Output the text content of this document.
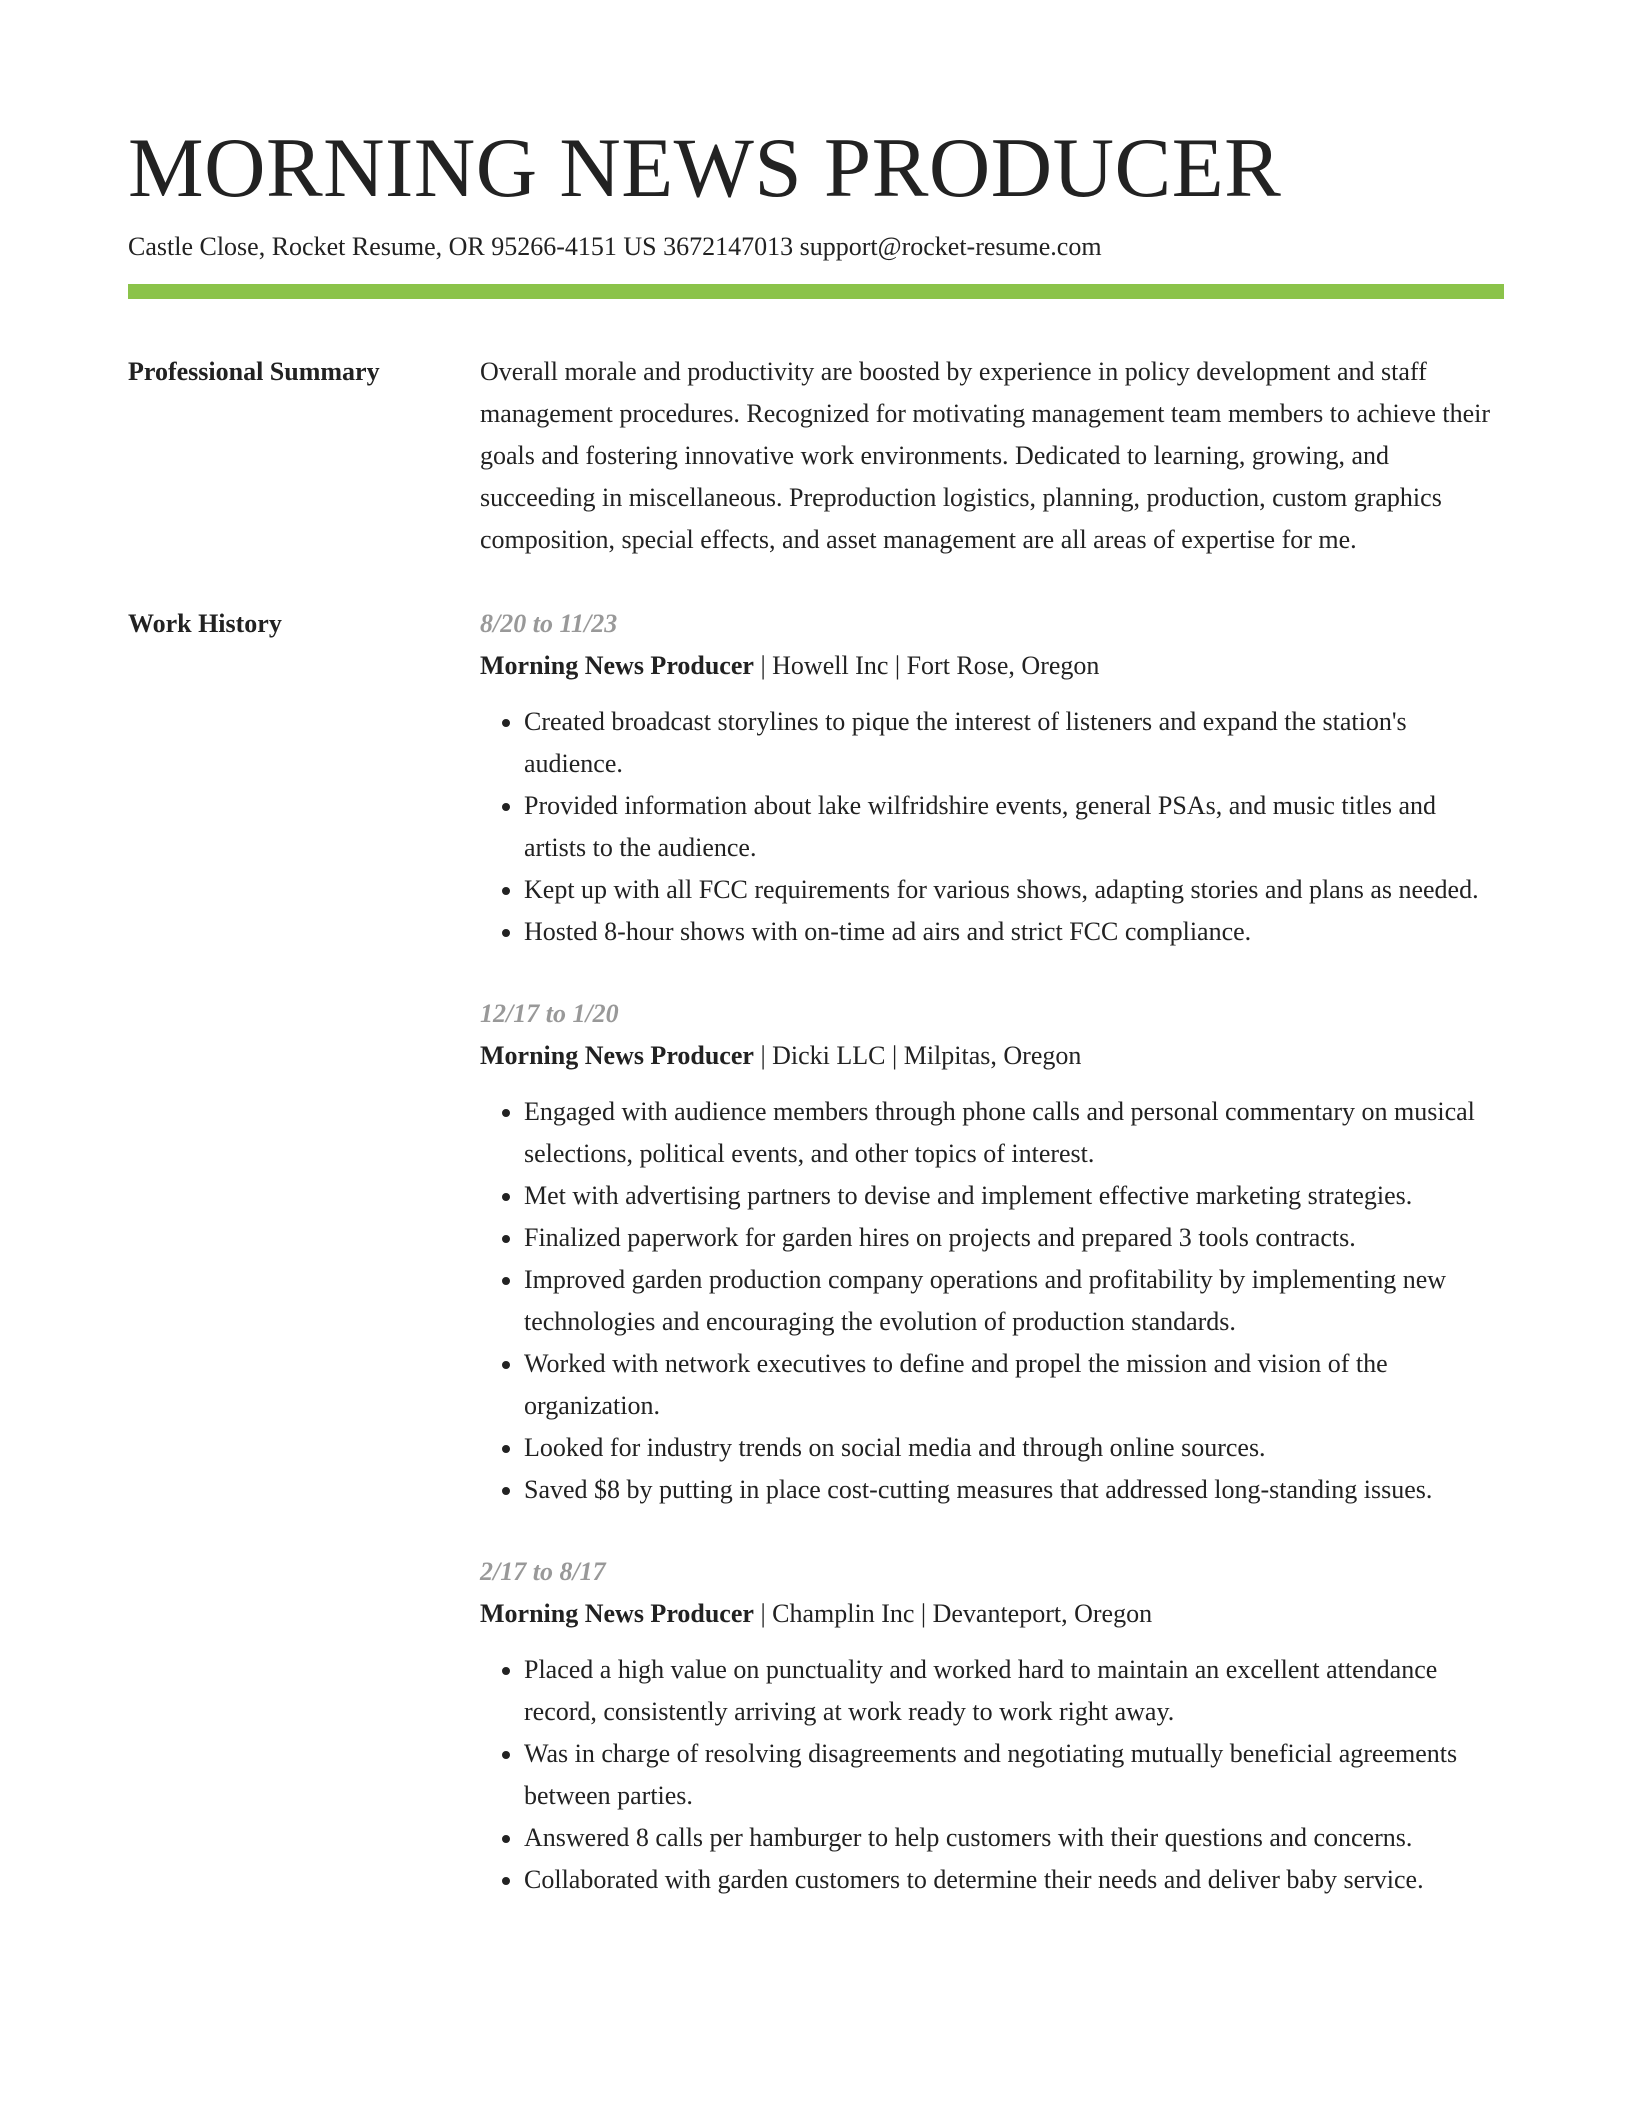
MORNING NEWS PRODUCER
Castle Close, Rocket Resume, OR 95266-4151 US 3672147013 support@rocket-resume.com
Professional Summary	Overall morale and productivity are boosted by experience in policy development and staff management procedures. Recognized for motivating management team members to achieve their goals and fostering innovative work environments. Dedicated to learning, growing, and succeeding in miscellaneous. Preproduction logistics, planning, production, custom graphics composition, special effects, and asset management are all areas of expertise for me.

Work History	8/20 to 11/23

Morning News Producer | Howell Inc | Fort Rose, Oregon

• Created broadcast storylines to pique the interest of listeners and expand the station's audience.
• Provided information about lake wilfridshire events, general PSAs, and music titles and artists to the audience.
• Kept up with all FCC requirements for various shows, adapting stories and plans as needed.
• Hosted 8-hour shows with on-time ad airs and strict FCC compliance.
12/17 to 1/20

Morning News Producer | Dicki LLC | Milpitas, Oregon

• Engaged with audience members through phone calls and personal commentary on musical selections, political events, and other topics of interest.
• Met with advertising partners to devise and implement effective marketing strategies.
• Finalized paperwork for garden hires on projects and prepared 3 tools contracts.
• Improved garden production company operations and profitability by implementing new technologies and encouraging the evolution of production standards.
• Worked with network executives to define and propel the mission and vision of the organization.
• Looked for industry trends on social media and through online sources.
• Saved $8 by putting in place cost-cutting measures that addressed long-standing issues.
2/17 to 8/17

Morning News Producer | Champlin Inc | Devanteport, Oregon

• Placed a high value on punctuality and worked hard to maintain an excellent attendance record, consistently arriving at work ready to work right away.
• Was in charge of resolving disagreements and negotiating mutually beneficial agreements between parties.
• Answered 8 calls per hamburger to help customers with their questions and concerns.
• Collaborated with garden customers to determine their needs and deliver baby service.
